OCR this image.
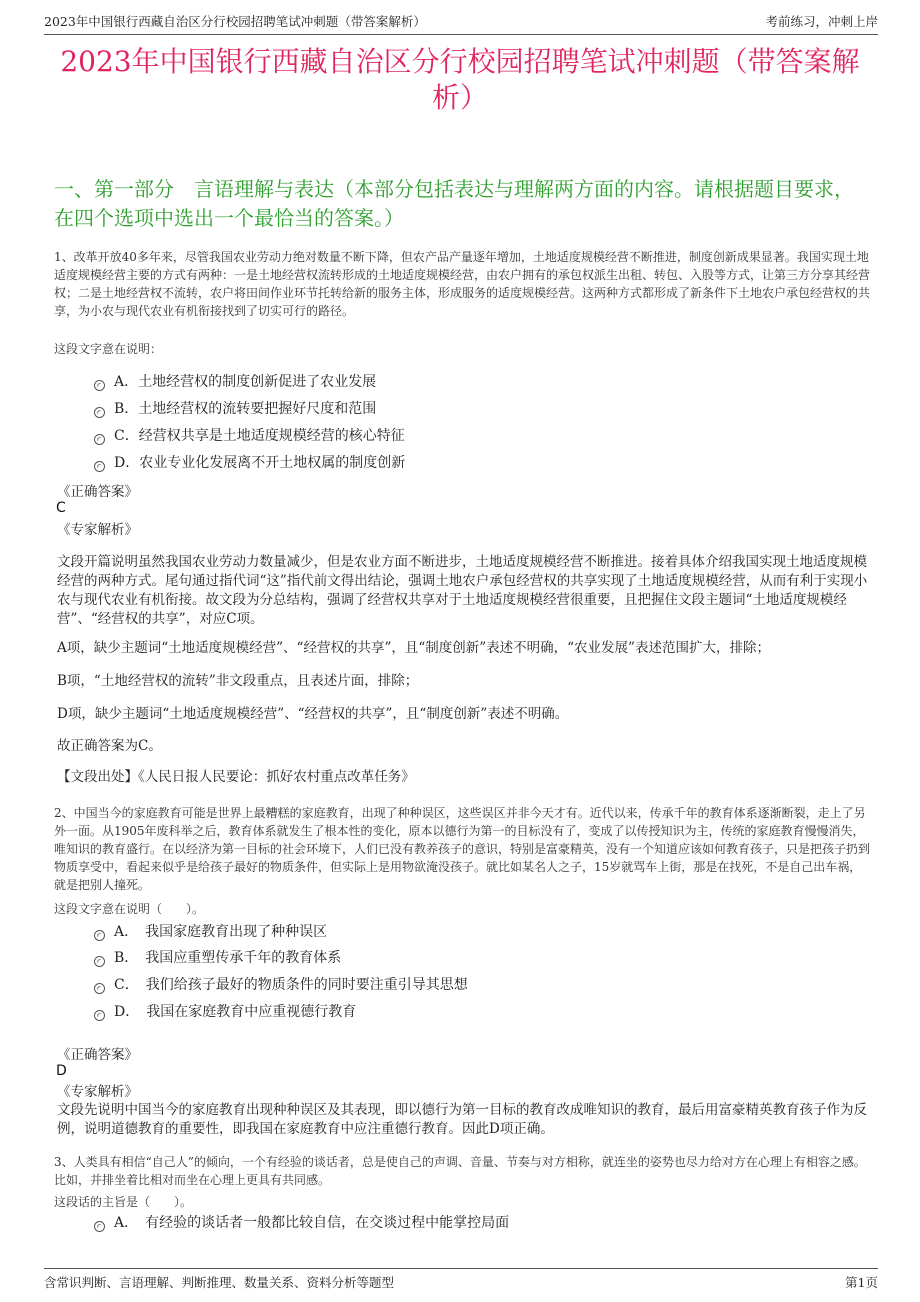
2023年中国银行西藏自治区分行校园招聘笔试冲刺题（带答案解析）	考前练习，冲刺上岸
2023年中国银行西藏自治区分行校园招聘笔试冲刺题（带答案解析）
一、第一部分　言语理解与表达（本部分包括表达与理解两方面的内容。请根据题目要求，在四个选项中选出一个最恰当的答案。）
1、改革开放40多年来，尽管我国农业劳动力绝对数量不断下降，但农产品产量逐年增加，土地适度规模经营不断推进，制度创新成果显著。我国实现土地适度规模经营主要的方式有两种：一是土地经营权流转形成的土地适度规模经营，由农户拥有的承包权派生出租、转包、入股等方式，让第三方分享其经营权；二是土地经营权不流转，农户将田间作业环节托转给新的服务主体，形成服务的适度规模经营。这两种方式都形成了新条件下土地农户承包经营权的共享，为小农与现代农业有机衔接找到了切实可行的路径。
这段文字意在说明：
A．土地经营权的制度创新促进了农业发展
B．土地经营权的流转要把握好尺度和范围
C．经营权共享是土地适度规模经营的核心特征
D．农业专业化发展离不开土地权属的制度创新
《正确答案》
C
《专家解析》
文段开篇说明虽然我国农业劳动力数量减少，但是农业方面不断进步，土地适度规模经营不断推进。接着具体介绍我国实现土地适度规模经营的两种方式。尾句通过指代词“这”指代前文得出结论，强调土地农户承包经营权的共享实现了土地适度规模经营，从而有利于实现小农与现代农业有机衔接。故文段为分总结构，强调了经营权共享对于土地适度规模经营很重要，且把握住文段主题词“土地适度规模经营”、“经营权的共享”，对应C项。
A项，缺少主题词“土地适度规模经营”、“经营权的共享”，且“制度创新”表述不明确，“农业发展”表述范围扩大，排除；
B项，“土地经营权的流转”非文段重点，且表述片面，排除；
D项，缺少主题词“土地适度规模经营”、“经营权的共享”，且“制度创新”表述不明确。
故正确答案为C。
【文段出处】《人民日报人民要论：抓好农村重点改革任务》
2、中国当今的家庭教育可能是世界上最糟糕的家庭教育，出现了种种误区，这些误区并非今天才有。近代以来，传承千年的教育体系逐渐断裂，走上了另外一面。从1905年废科举之后，教育体系就发生了根本性的变化，原本以德行为第一的目标没有了，变成了以传授知识为主，传统的家庭教育慢慢消失，唯知识的教育盛行。在以经济为第一目标的社会环境下，人们已没有教养孩子的意识，特别是富豪精英，没有一个知道应该如何教育孩子，只是把孩子扔到物质享受中，看起来似乎是给孩子最好的物质条件，但实际上是用物欲淹没孩子。就比如某名人之子，15岁就骂车上街，那是在找死，不是自己出车祸，就是把别人撞死。
这段文字意在说明（　　）。
A．　我国家庭教育出现了种种误区
B．　我国应重塑传承千年的教育体系
C．　我们给孩子最好的物质条件的同时要注重引导其思想
D．　我国在家庭教育中应重视德行教育
《正确答案》
D
《专家解析》
文段先说明中国当今的家庭教育出现种种误区及其表现，即以德行为第一目标的教育改成唯知识的教育，最后用富豪精英教育孩子作为反例，说明道德教育的重要性，即我国在家庭教育中应注重德行教育。因此D项正确。
3、人类具有相信“自己人”的倾向，一个有经验的谈话者，总是使自己的声调、音量、节奏与对方相称，就连坐的姿势也尽力给对方在心理上有相容之感。比如，并排坐着比相对而坐在心理上更具有共同感。
这段话的主旨是（　　）。
A．　有经验的谈话者一般都比较自信，在交谈过程中能掌控局面
含常识判断、言语理解、判断推理、数量关系、资料分析等题型	第1页
